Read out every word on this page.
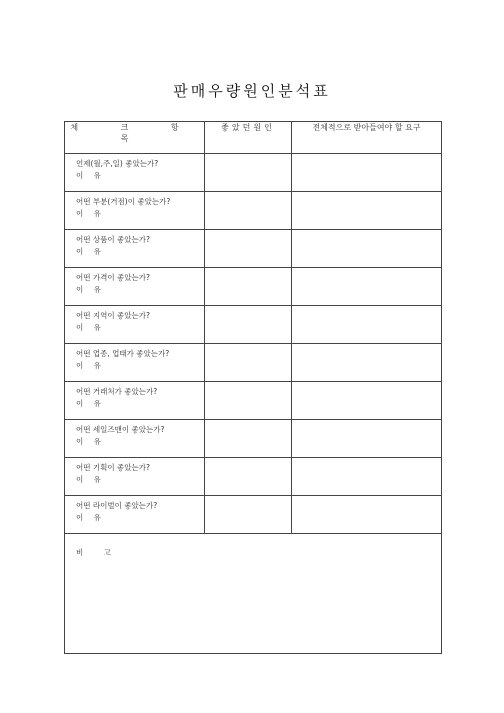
판매우량원인분석표
체 크 항 목	좋았던원인	전체적으로 받아들여야 할 요구

언제(월,주,일) 좋았는가?
이 유		

어떤 부분(거점)이 좋았는가?
이 유		

어떤 상품이 좋았는가?
이 유		

어떤 가격이 좋았는가?
이 유		

어떤 지역이 좋았는가?
이 유		

어떤 업종, 업태가 좋았는가?
이 유		

어떤 거래처가 좋았는가?
이 유		

어떤 세일즈맨이 좋았는가?
이 유		

어떤 기획이 좋았는가?
이 유		

어떤 라이벌이 좋았는가?
이 유		

비 고		
